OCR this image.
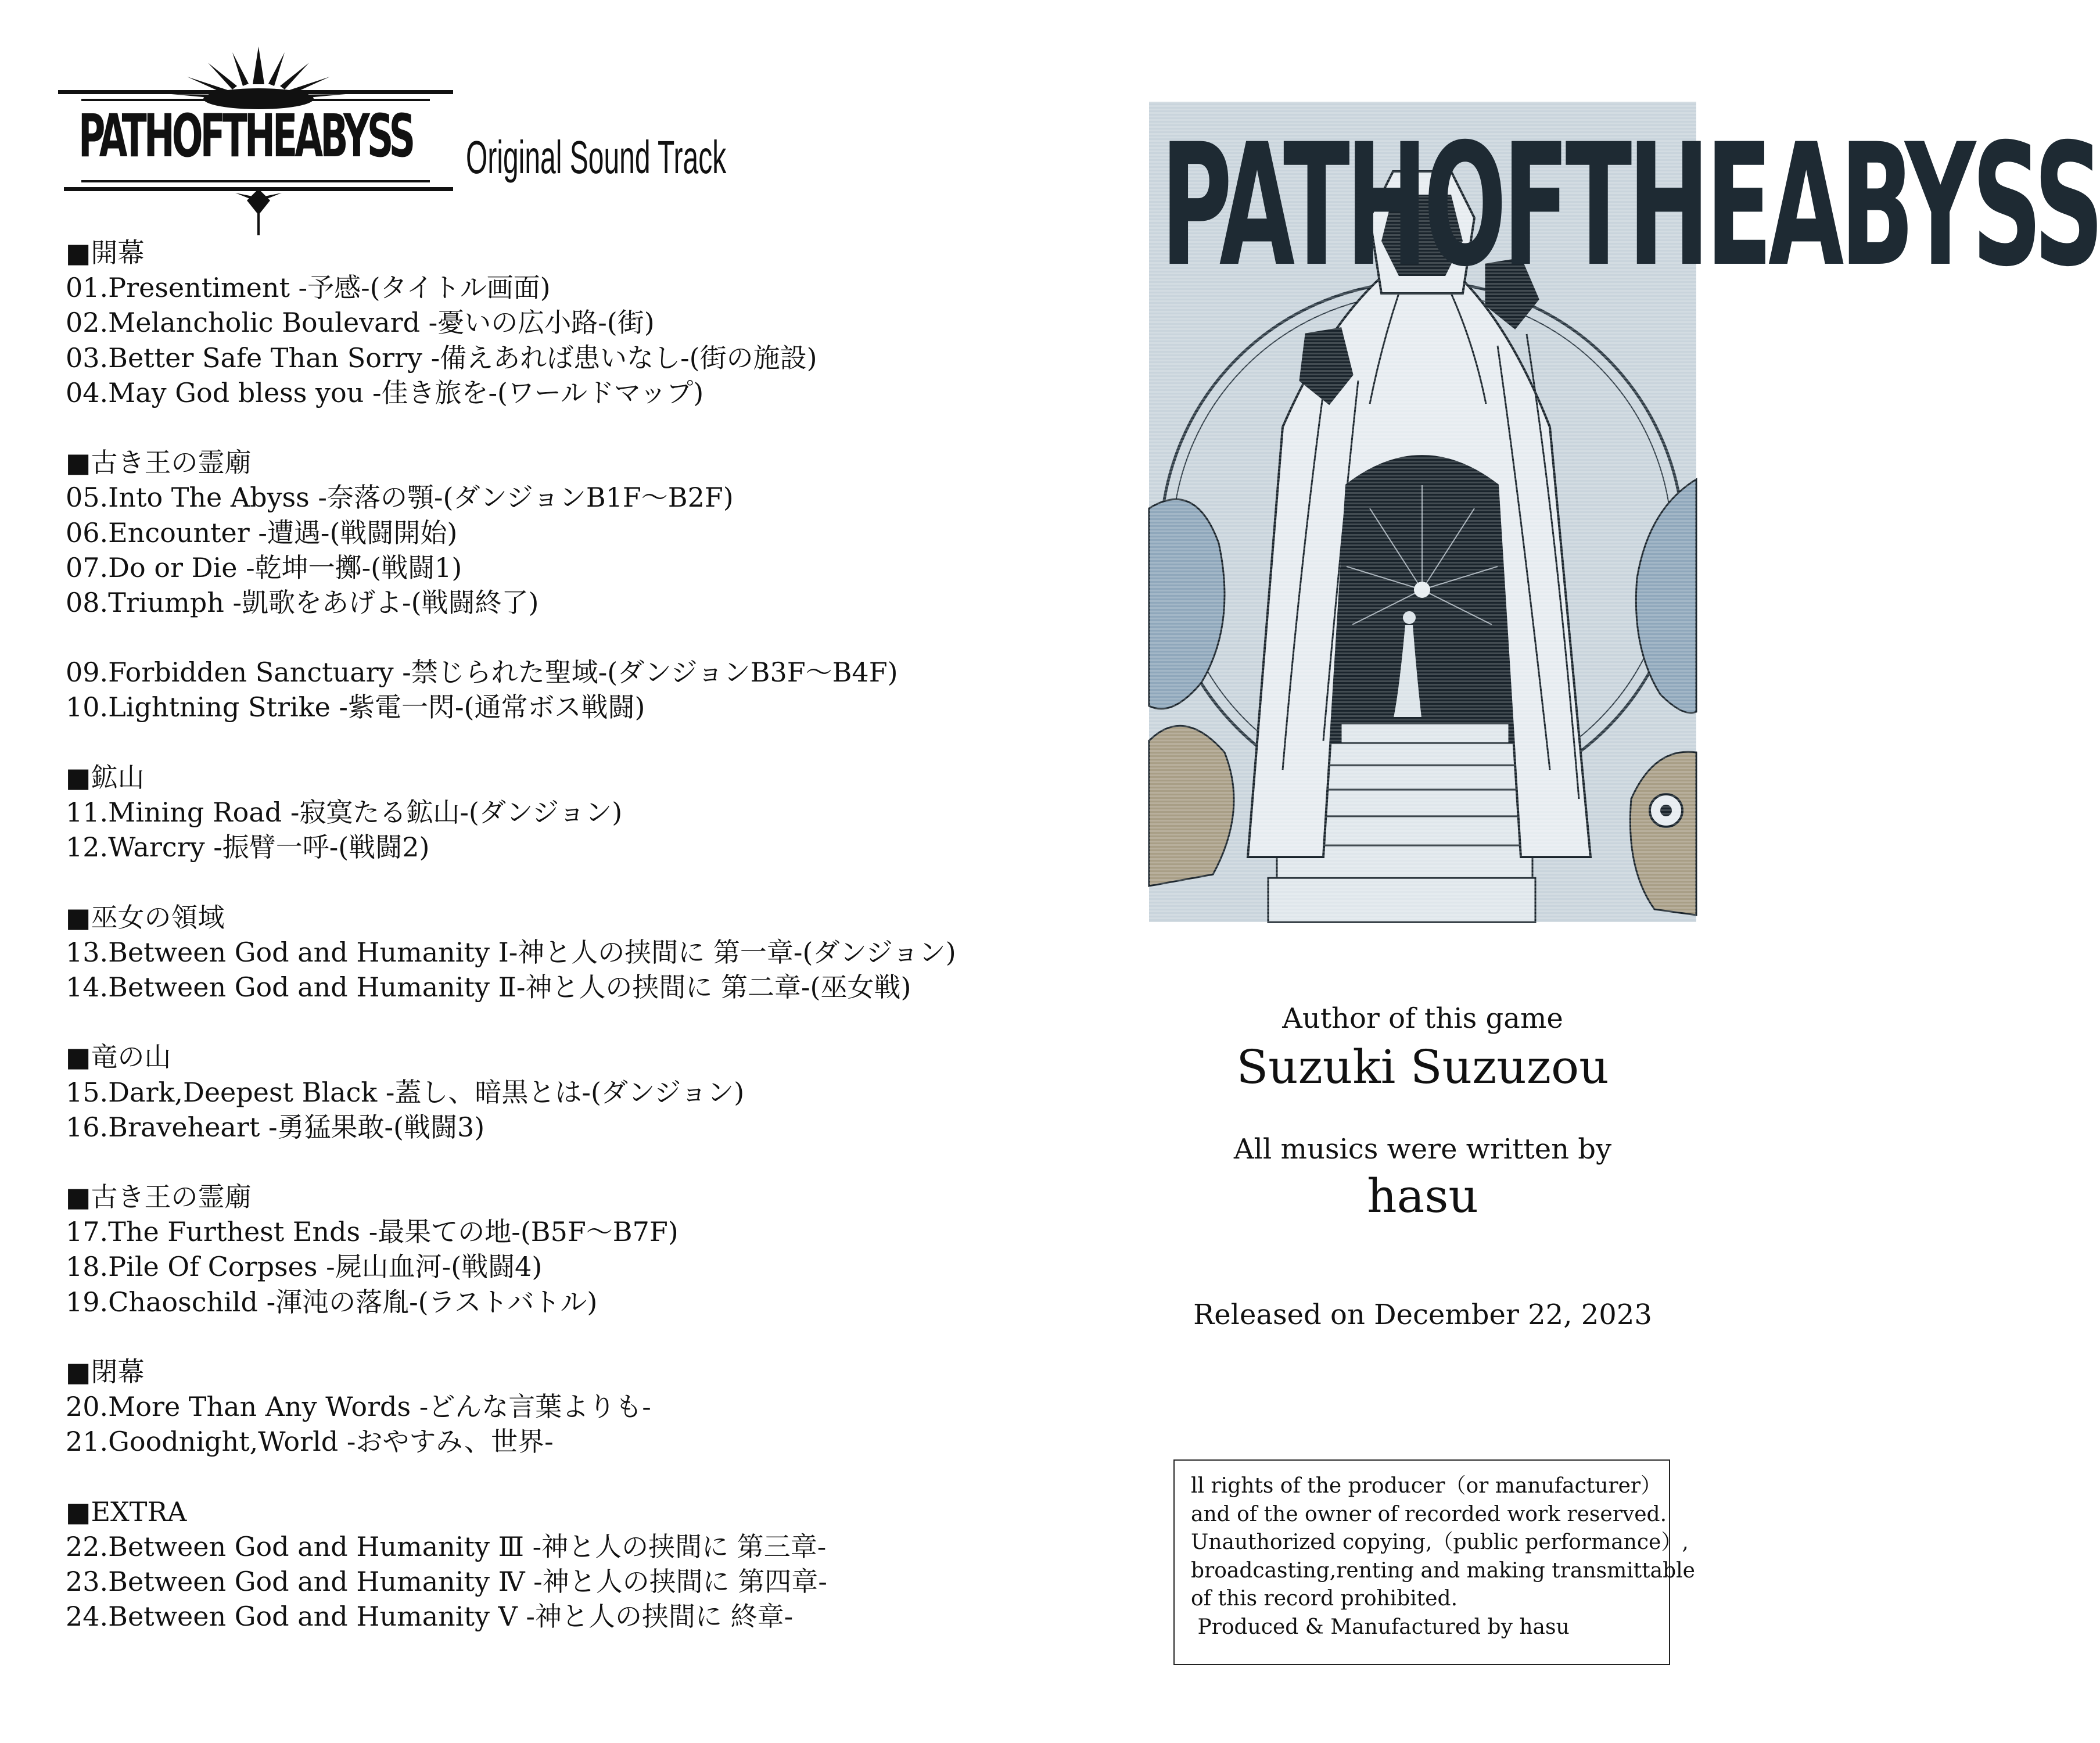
PATHOFTHEABYSS Original Sound Track
■開幕
01.Presentiment -予感-(タイトル画面)
02.Melancholic Boulevard -憂いの広小路-(街)
03.Better Safe Than Sorry -備えあれば患いなし-(街の施設)
04.May God bless you -佳き旅を-(ワールドマップ)
■古き王の霊廟
05.Into The Abyss -奈落の顎-(ダンジョンB1F〜B2F)
06.Encounter -遭遇-(戦闘開始)
07.Do or Die -乾坤一擲-(戦闘1)
08.Triumph -凱歌をあげよ-(戦闘終了)
09.Forbidden Sanctuary -禁じられた聖域-(ダンジョンB3F〜B4F)
10.Lightning Strike -紫電一閃-(通常ボス戦闘)
■鉱山
11.Mining Road -寂寞たる鉱山-(ダンジョン)
12.Warcry -振臂一呼-(戦闘2)
■巫女の領域
13.Between God and Humanity Ⅰ-神と人の挟間に 第一章-(ダンジョン)
14.Between God and Humanity Ⅱ-神と人の挟間に 第二章-(巫女戦)
■竜の山
15.Dark,Deepest Black -蓋し、暗黒とは-(ダンジョン)
16.Braveheart -勇猛果敢-(戦闘3)
■古き王の霊廟
17.The Furthest Ends -最果ての地-(B5F〜B7F)
18.Pile Of Corpses -屍山血河-(戦闘4)
19.Chaoschild -渾沌の落胤-(ラストバトル)
■閉幕
20.More Than Any Words -どんな言葉よりも-
21.Goodnight,World -おやすみ、世界-
■EXTRA
22.Between God and Humanity Ⅲ -神と人の挟間に 第三章-
23.Between God and Humanity Ⅳ -神と人の挟間に 第四章-
24.Between God and Humanity Ⅴ -神と人の挟間に 終章-
PATHOFTHEABYSS
Author of this game
Suzuki Suzuzou
All musics were written by
hasu
Released on December 22, 2023
ll rights of the producer（or manufacturer）
and of the owner of recorded work reserved.
Unauthorized copying,（public performance）,
broadcasting,renting and making transmittable
of this record prohibited.
Produced & Manufactured by hasu
